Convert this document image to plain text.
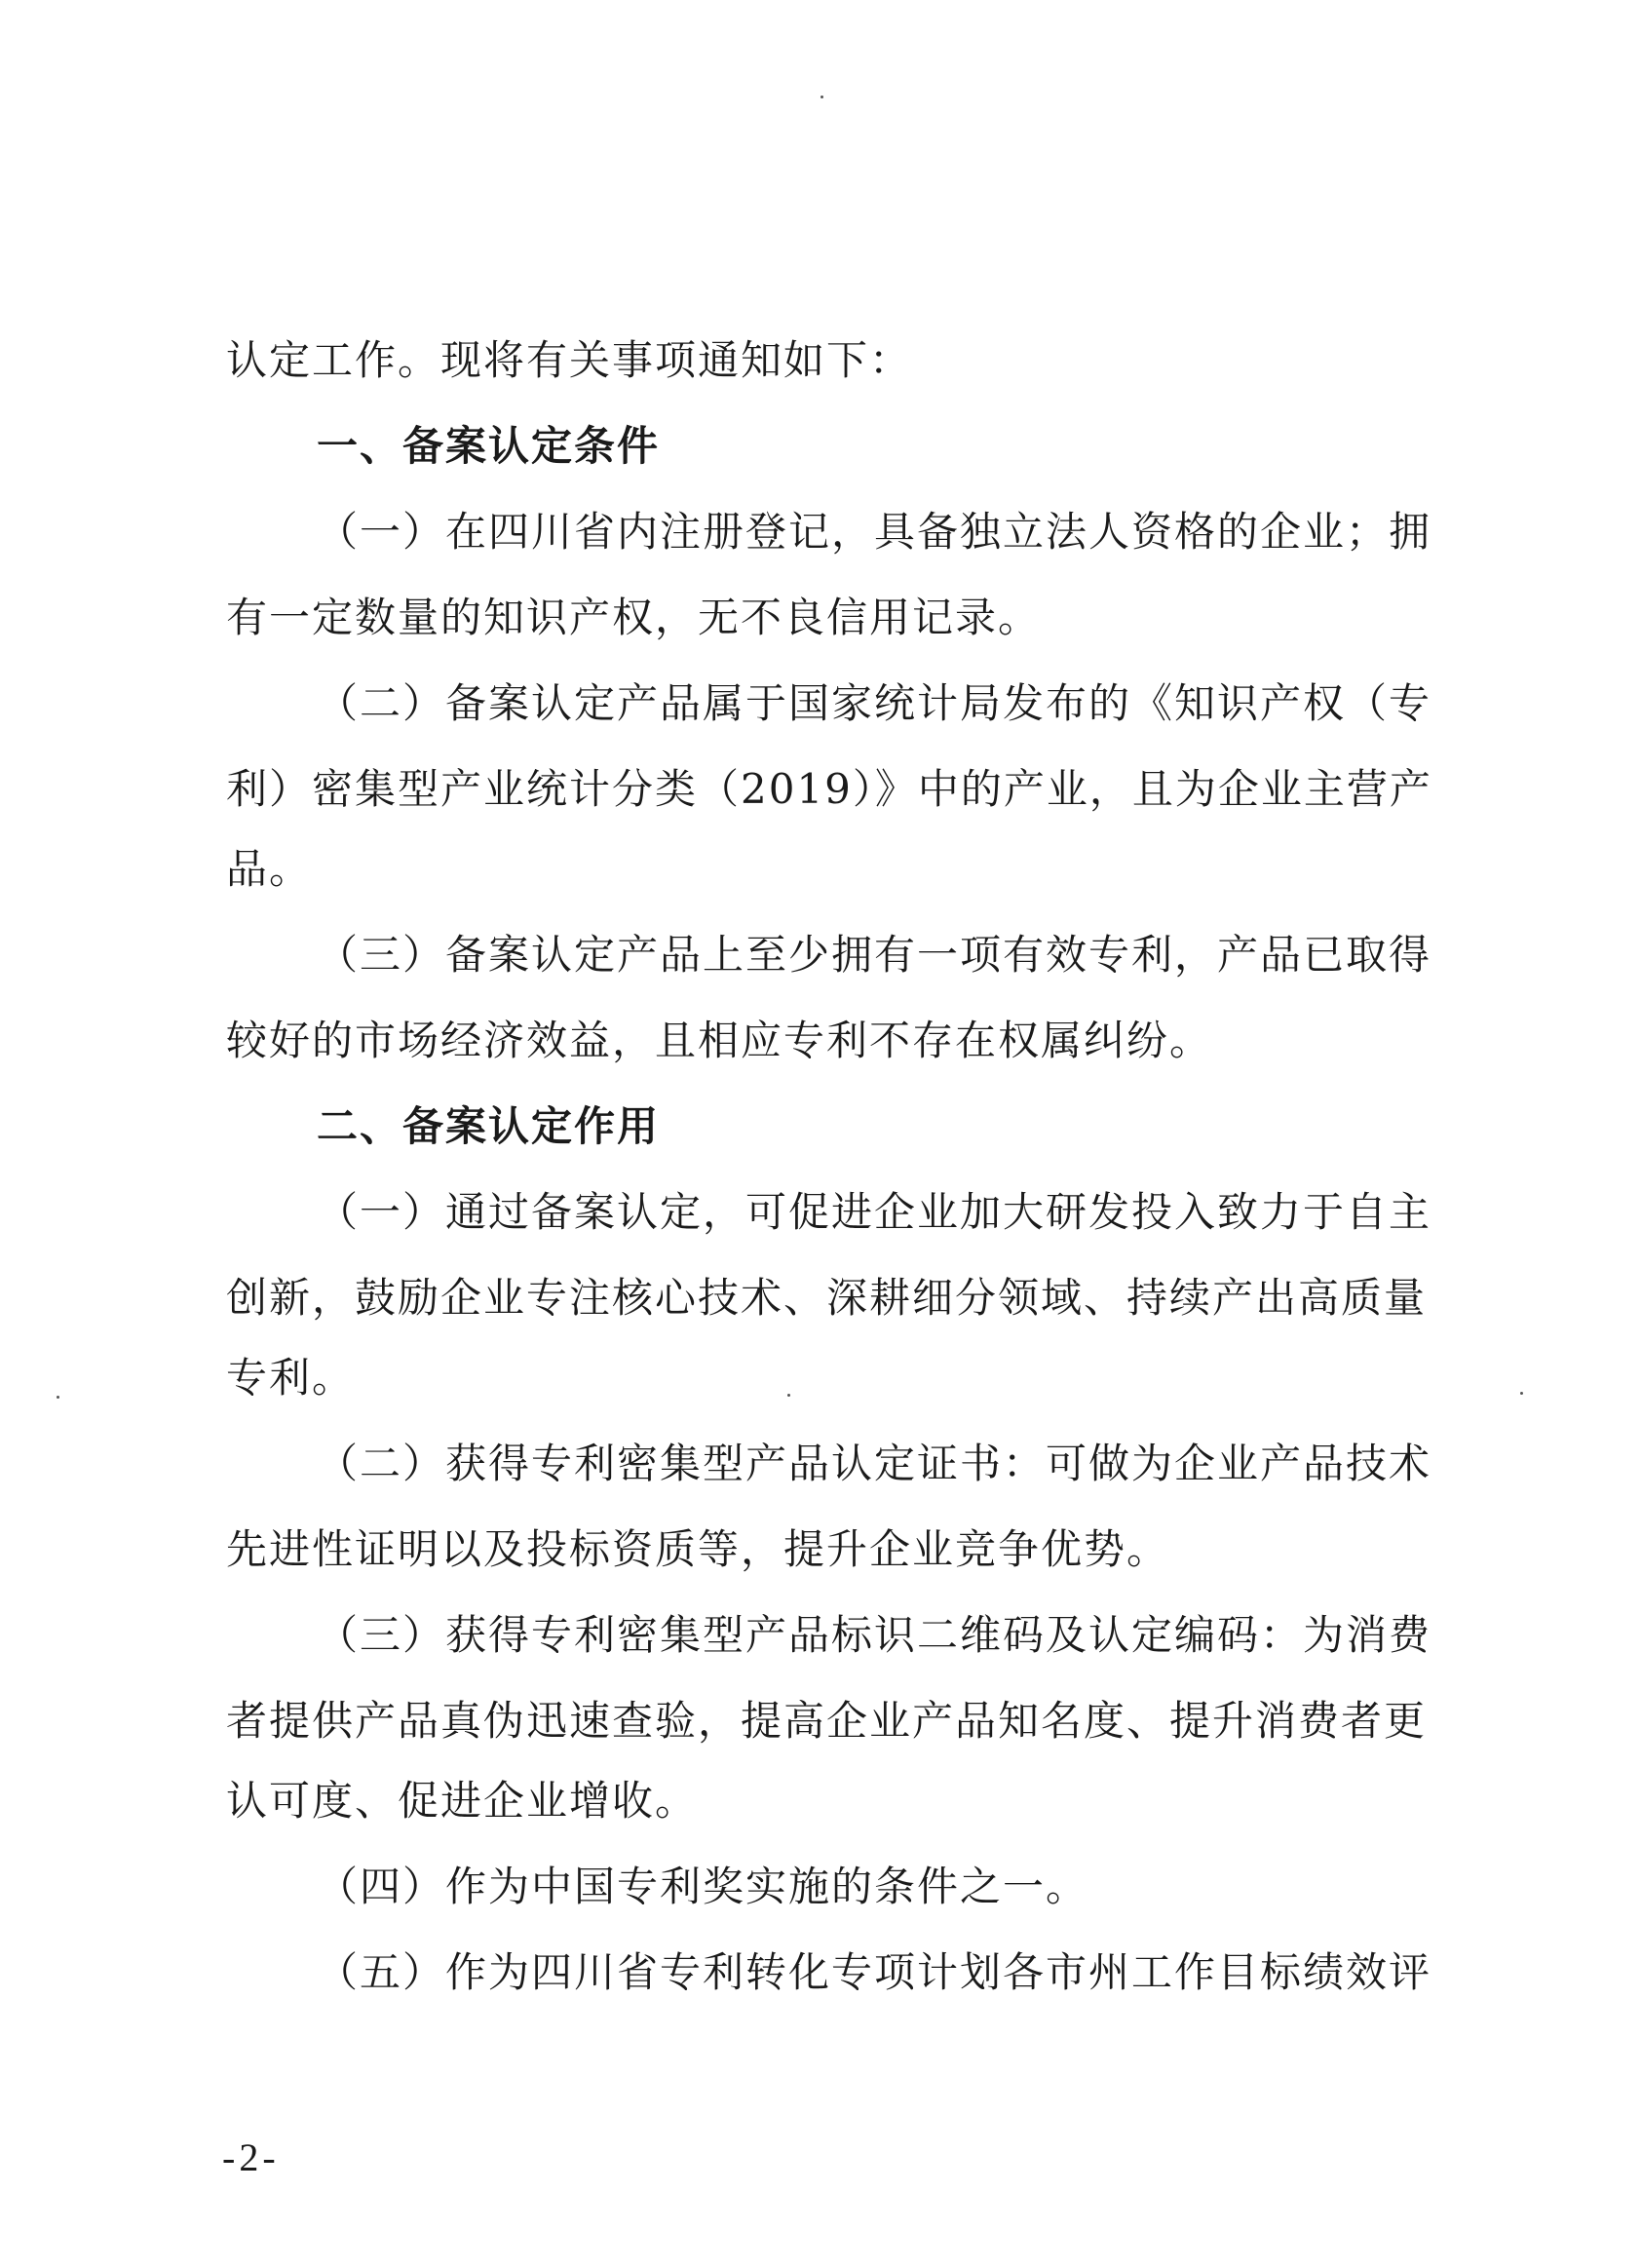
认定工作。现将有关事项通知如下：
一、备案认定条件
（一）在四川省内注册登记，具备独立法人资格的企业；拥
有一定数量的知识产权，无不良信用记录。
（二）备案认定产品属于国家统计局发布的《知识产权（专
利）密集型产业统计分类（2019）》中的产业，且为企业主营产
品。
（三）备案认定产品上至少拥有一项有效专利，产品已取得
较好的市场经济效益，且相应专利不存在权属纠纷。
二、备案认定作用
（一）通过备案认定，可促进企业加大研发投入致力于自主
创新，鼓励企业专注核心技术、深耕细分领域、持续产出高质量
专利。
（二）获得专利密集型产品认定证书：可做为企业产品技术
先进性证明以及投标资质等，提升企业竞争优势。
（三）获得专利密集型产品标识二维码及认定编码：为消费
者提供产品真伪迅速查验，提高企业产品知名度、提升消费者更
认可度、促进企业增收。
（四）作为中国专利奖实施的条件之一。
（五）作为四川省专利转化专项计划各市州工作目标绩效评
-2-
